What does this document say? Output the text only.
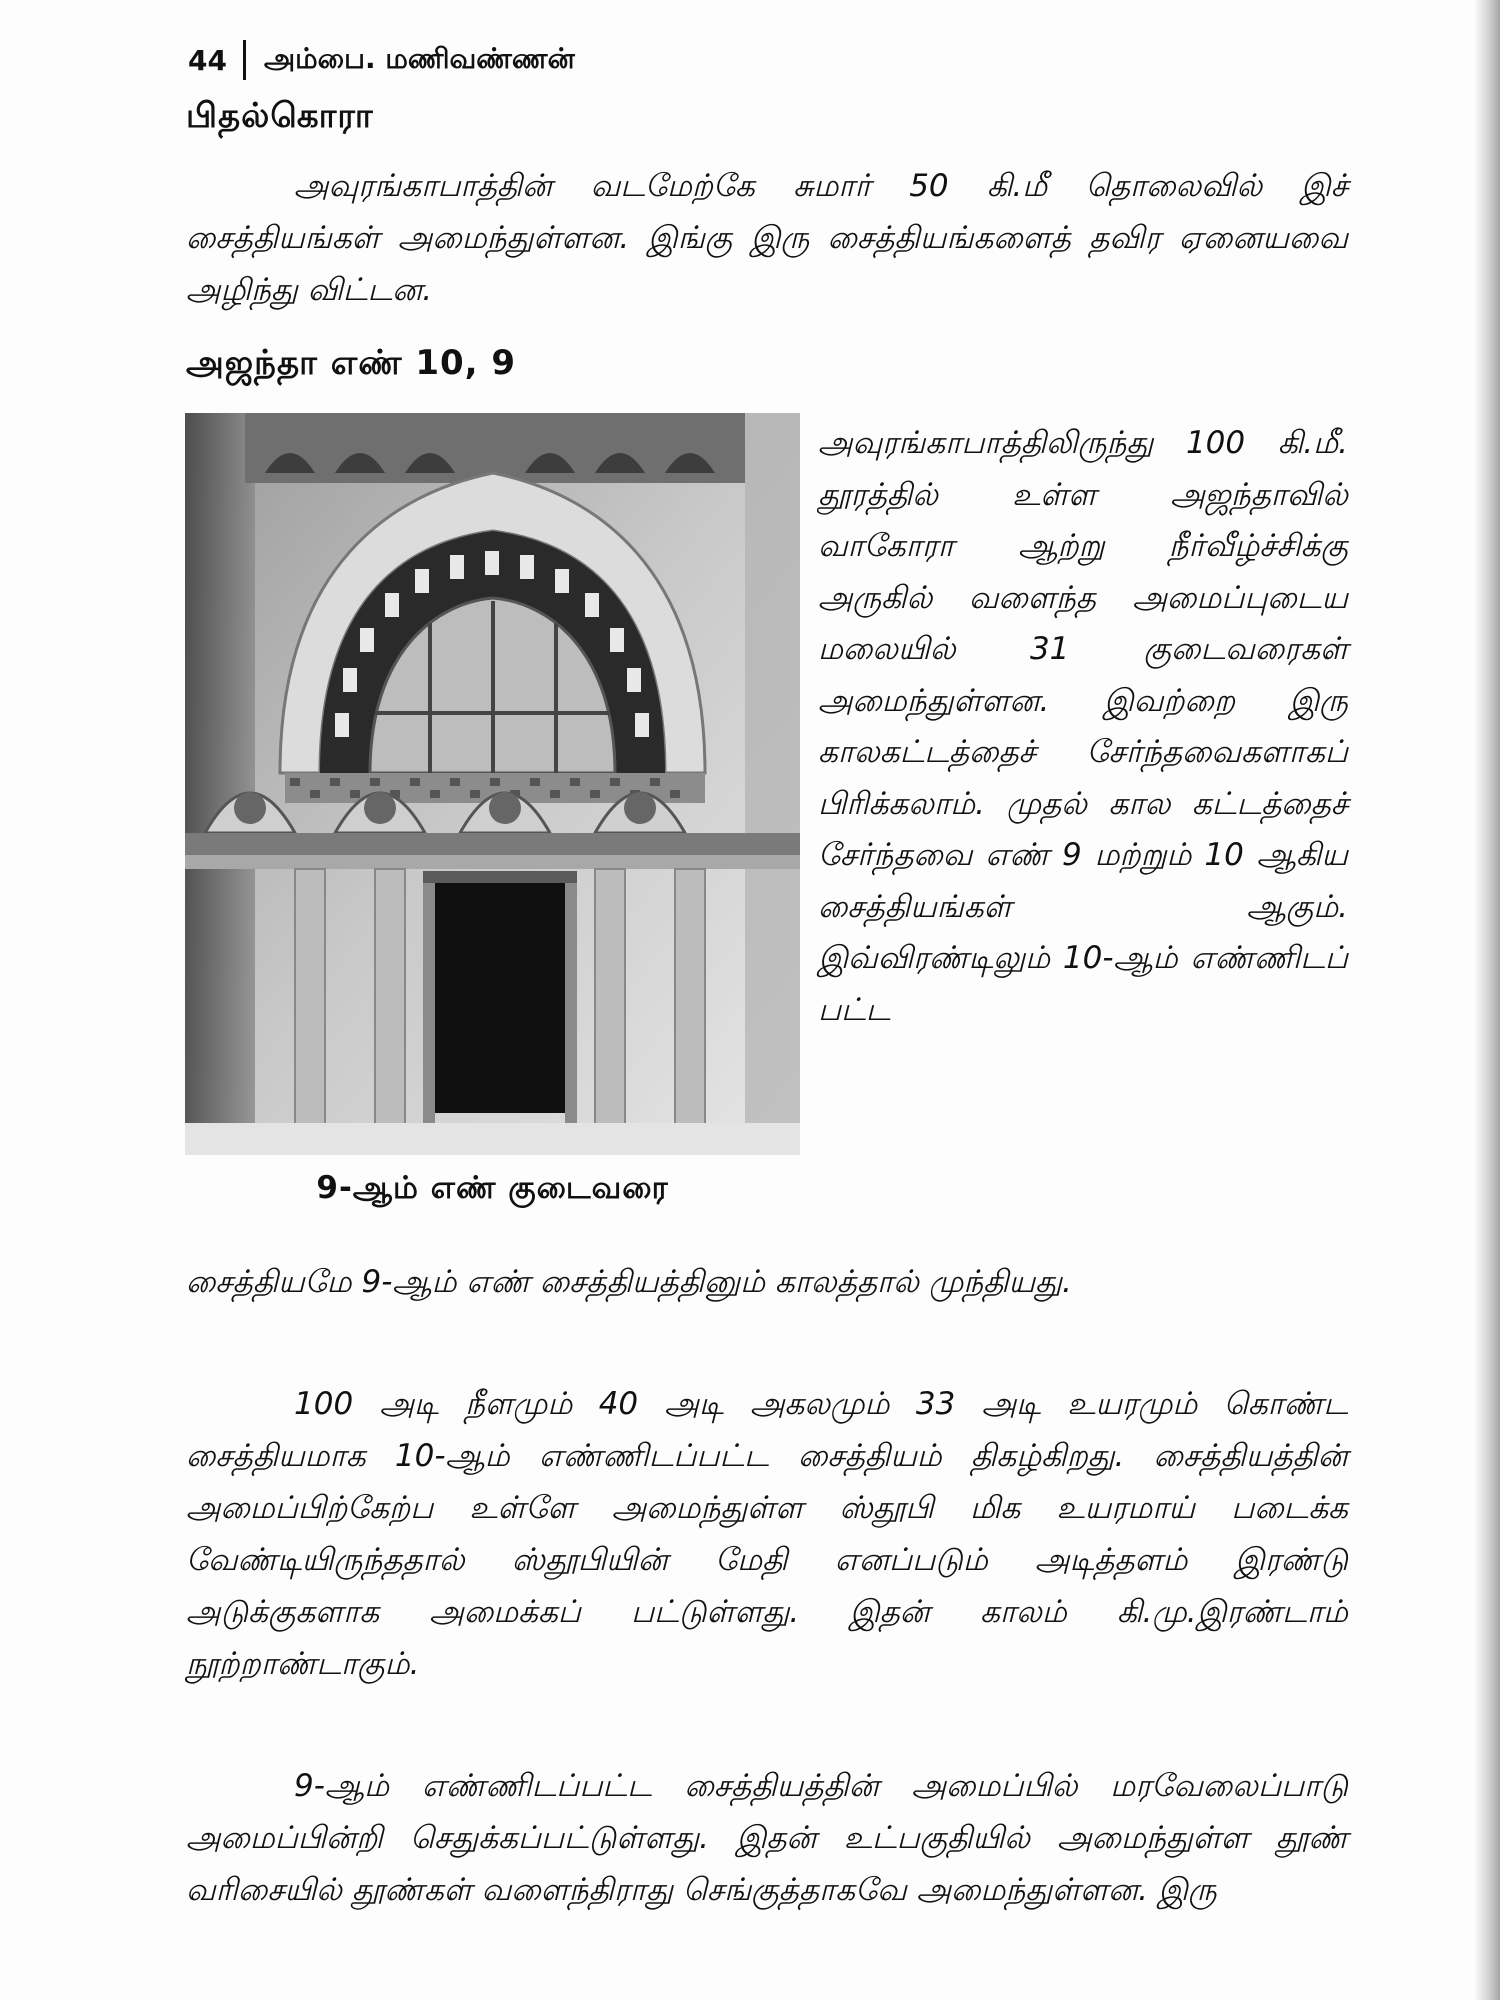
44 அம்பை. மணிவண்ணன்
பிதல்கொரா
அவுரங்காபாத்தின் வடமேற்கே சுமார் 50 கி.மீ தொலைவில் இச் சைத்தியங்கள் அமைந்துள்ளன. இங்கு இரு சைத்தியங்களைத் தவிர ஏனையவை அழிந்து விட்டன.
அஜந்தா எண் 10, 9
9-ஆம் எண் குடைவரை
அவுரங்காபாத்திலிருந்து 100 கி.மீ. தூரத்தில் உள்ள அஜந்தாவில் வாகோரா ஆற்று நீர்வீழ்ச்சிக்கு அருகில் வளைந்த அமைப்புடைய மலையில் 31 குடைவரைகள் அமைந்துள்ளன. இவற்றை இரு காலகட்டத்தைச் சேர்ந்தவைகளாகப் பிரிக்கலாம். முதல் கால கட்டத்தைச் சேர்ந்தவை எண் 9 மற்றும் 10 ஆகிய சைத்தியங்கள் ஆகும். இவ்விரண்டிலும் 10-ஆம் எண்ணிடப் பட்ட
சைத்தியமே 9-ஆம் எண் சைத்தியத்தினும் காலத்தால் முந்தியது.
100 அடி நீளமும் 40 அடி அகலமும் 33 அடி உயரமும் கொண்ட சைத்தியமாக 10-ஆம் எண்ணிடப்பட்ட சைத்தியம் திகழ்கிறது. சைத்தியத்தின் அமைப்பிற்கேற்ப உள்ளே அமைந்துள்ள ஸ்தூபி மிக உயரமாய் படைக்க வேண்டியிருந்ததால் ஸ்தூபியின் மேதி எனப்படும் அடித்தளம் இரண்டு அடுக்குகளாக அமைக்கப் பட்டுள்ளது. இதன் காலம் கி.மு.இரண்டாம் நூற்றாண்டாகும்.
9-ஆம் எண்ணிடப்பட்ட சைத்தியத்தின் அமைப்பில் மரவேலைப்பாடு அமைப்பின்றி செதுக்கப்பட்டுள்ளது. இதன் உட்பகுதியில் அமைந்துள்ள தூண் வரிசையில் தூண்கள் வளைந்திராது செங்குத்தாகவே அமைந்துள்ளன. இரு
